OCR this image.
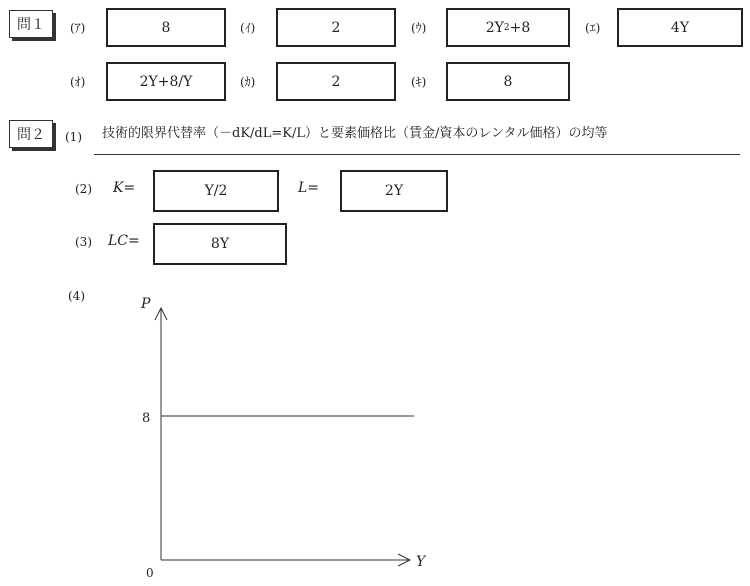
問１	(ｱ)	8	(ｲ)	2	(ｳ)	2Y 2 +8	(ｴ)	4Y
(ｵ)	2Y+8/Y	(ｶ)	2	(ｷ)	8
問２	(1) 技術的限界代替率（－dK/dL=K/L）と要素価格比（賃金/資本のレンタル価格）の均等
(2) K=	Y/2	L=	2Y
(3) LC=	8Y
(4)	P
Y
0
8
